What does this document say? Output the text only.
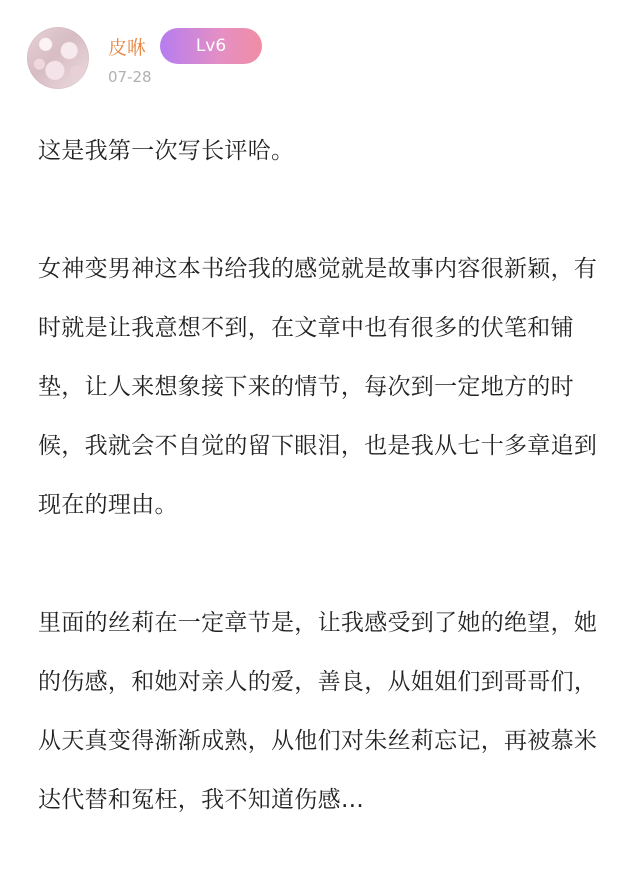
皮咻	Lv6
07-28

这是我第一次写长评哈。

女神变男神这本书给我的感觉就是故事内容很新颖，有时就是让我意想不到，在文章中也有很多的伏笔和铺垫，让人来想象接下来的情节，每次到一定地方的时候，我就会不自觉的留下眼泪，也是我从七十多章追到现在的理由。

里面的丝莉在一定章节是，让我感受到了她的绝望，她的伤感，和她对亲人的爱，善良，从姐姐们到哥哥们，从天真变得渐渐成熟，从他们对朱丝莉忘记，再被慕米达代替和冤枉，我不知道伤感…
